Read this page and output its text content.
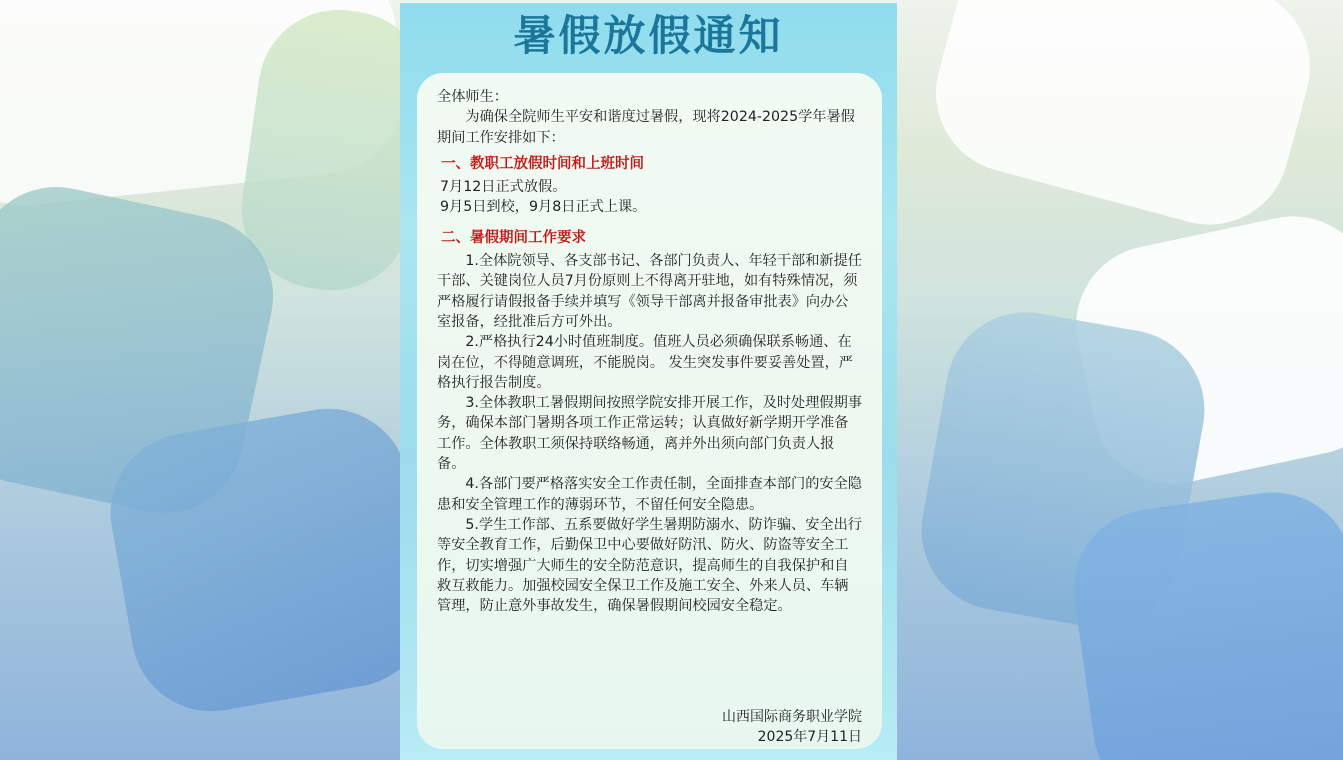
暑假放假通知

全体师生：

为确保全院师生平安和谐度过暑假，现将2024-2025学年暑假期间工作安排如下：

一、教职工放假时间和上班时间

7月12日正式放假。

9月5日到校，9月8日正式上课。

二、暑假期间工作要求

1.全体院领导、各支部书记、各部门负责人、年轻干部和新提任干部、关键岗位人员7月份原则上不得离开驻地，如有特殊情况，须严格履行请假报备手续并填写《领导干部离并报备审批表》向办公室报备，经批准后方可外出。

2.严格执行24小时值班制度。值班人员必须确保联系畅通、在岗在位，不得随意调班，不能脱岗。 发生突发事件要妥善处置，严格执行报告制度。

3.全体教职工暑假期间按照学院安排开展工作，及时处理假期事务，确保本部门暑期各项工作正常运转；认真做好新学期开学准备工作。全体教职工须保持联络畅通，离并外出须向部门负责人报备。

4.各部门要严格落实安全工作责任制，全面排查本部门的安全隐患和安全管理工作的薄弱环节，不留任何安全隐患。

5.学生工作部、五系要做好学生暑期防溺水、防诈骗、安全出行等安全教育工作，后勤保卫中心要做好防汛、防火、防盗等安全工作，切实增强广大师生的安全防范意识，提高师生的自我保护和自救互救能力。加强校园安全保卫工作及施工安全、外来人员、车辆管理，防止意外事故发生，确保暑假期间校园安全稳定。

山西国际商务职业学院
2025年7月11日
